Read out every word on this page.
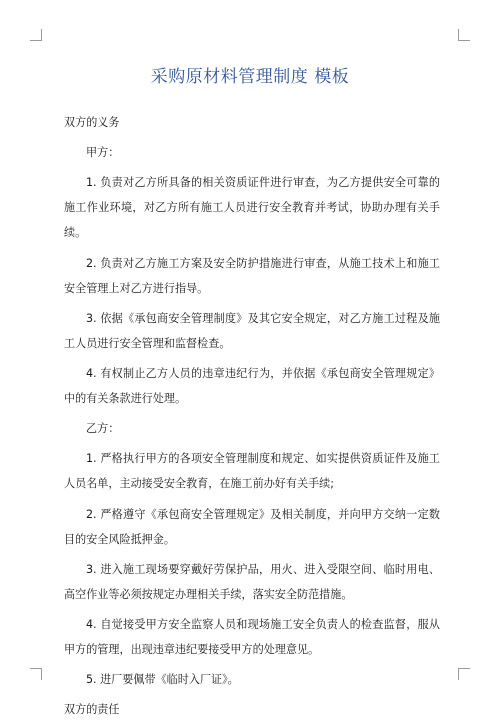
采购原材料管理制度 模板

双方的义务

甲方：

1. 负责对乙方所具备的相关资质证件进行审查，为乙方提供安全可靠的施工作业环境，对乙方所有施工人员进行安全教育并考试，协助办理有关手续。

2. 负责对乙方施工方案及安全防护措施进行审查，从施工技术上和施工安全管理上对乙方进行指导。

3. 依据《承包商安全管理制度》及其它安全规定，对乙方施工过程及施工人员进行安全管理和监督检查。

4. 有权制止乙方人员的违章违纪行为，并依据《承包商安全管理规定》中的有关条款进行处理。

乙方：

1. 严格执行甲方的各项安全管理制度和规定、如实提供资质证件及施工人员名单，主动接受安全教育，在施工前办好有关手续;

2. 严格遵守《承包商安全管理规定》及相关制度，并向甲方交纳一定数目的安全风险抵押金。

3. 进入施工现场要穿戴好劳保护品，用火、进入受限空间、临时用电、高空作业等必须按规定办理相关手续，落实安全防范措施。

4. 自觉接受甲方安全监察人员和现场施工安全负责人的检查监督，服从甲方的管理，出现违章违纪要接受甲方的处理意见。

5. 进厂要佩带《临时入厂证》。

双方的责任
